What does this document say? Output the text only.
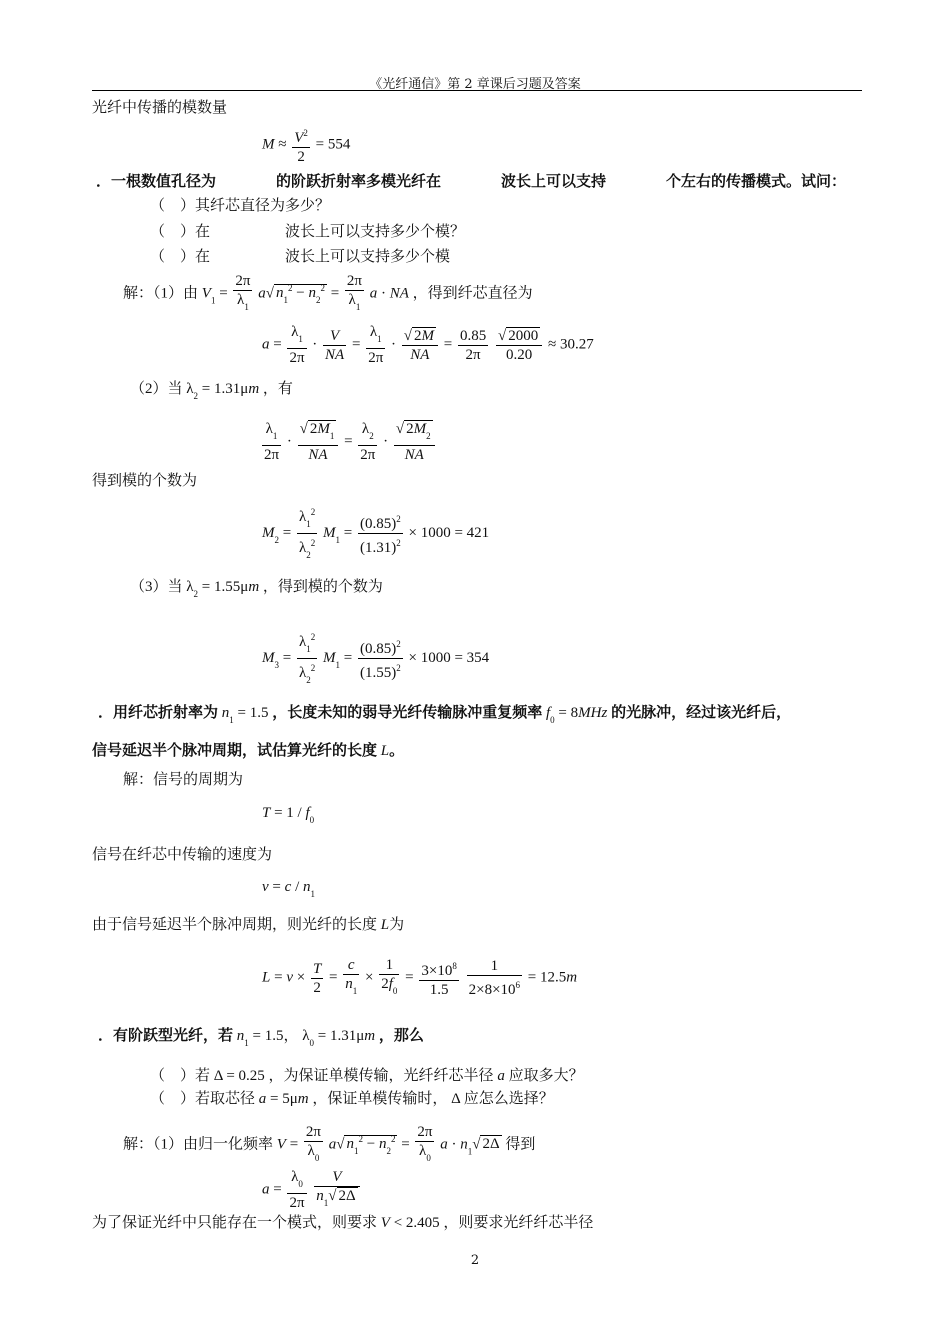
《光纤通信》第 2 章课后习题及答案
光纤中传播的模数量
$M \approx \frac{V^2}{2} = 554$
．一根数值孔径为　　　　的阶跃折射率多模光纤在　　　　波长上可以支持　　　　个左右的传播模式。试问：
（　）其纤芯直径为多少？
（　）在　　　　　波长上可以支持多少个模？
（　）在　　　　　波长上可以支持多少个模
解：（1）由 $V_1 = \frac{2\pi}{\lambda_1} a√$ $n_1^2 - n_2^2 = \frac{2\pi}{\lambda_1}$ a · NA ，得到纤芯直径为
$a = \frac{\lambda_1}{2\pi} \cdot \frac{V}{NA} = \frac{\lambda_1}{2\pi} \cdot \frac{√ 2M}{NA} = \frac{0.85}{2\pi}$
$\frac{√ 2000}{0.20} \approx 30.27$
（2）当 $\lambda_2 = 1.31\mu m$ ，有
$\frac{\lambda_1}{2\pi} \cdot \frac{√ 2M_1}{NA} = \frac{\lambda_2}{2\pi} \cdot \frac{√ 2M_2}{NA}$
得到模的个数为
$M_2 = \frac{\lambda_1^2}{\lambda_2^2} M_1 = \frac{(0.85)^2}{(1.31)^2} \times 1000 = 421$
（3）当 $\lambda_2 = 1.55\mu m$ ，得到模的个数为
$M_3 = \frac{\lambda_1^2}{\lambda_2^2} M_1 = \frac{(0.85)^2}{(1.55)^2} \times 1000 = 354$
．用纤芯折射率为 $n_1 = 1.5$ ，长度未知的弱导光纤传输脉冲重复频率 $f_0 = 8MHz$ 的光脉冲，经过该光纤后，
信号延迟半个脉冲周期，试估算光纤的长度 L。
解：信号的周期为
$T = 1 / f_0$
信号在纤芯中传输的速度为
$v = c / n_1$
由于信号延迟半个脉冲周期，则光纤的长度 L为
$L = v \times \frac{T}{2} = \frac{c}{n_1} \times \frac{1}{2f_0} = \frac{3\times 10^8}{1.5}$
$\frac{1}{2\times 8\times 10^6} = 12.5m$
．有阶跃型光纤，若 $n_1 = 1.5$， $\lambda_0 = 1.31\mu m$ ，那么
（　）若 Δ = 0.25 ，为保证单模传输，光纤纤芯半径 a 应取多大？
（　）若取芯径 a = 5μm ，保证单模传输时， Δ 应怎么选择？
解：（1）由归一化频率 $V = \frac{2\pi}{\lambda_0} a√$ $n_1^2 - n_2^2 = \frac{2\pi}{\lambda_0}$ $a \cdot n_1√$ 2Δ 得到
$a = \frac{\lambda_0}{2\pi}$
$\frac{V}{n_1√ 2\Delta}$
为了保证光纤中只能存在一个模式，则要求 V < 2.405 ，则要求光纤纤芯半径
2
